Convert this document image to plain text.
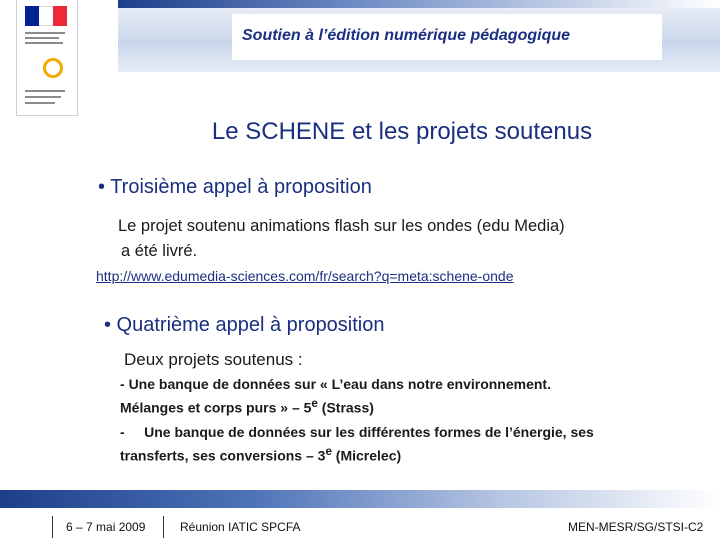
Soutien à l’édition numérique pédagogique
Le SCHENE et les projets soutenus
• Troisième appel à proposition
Le projet soutenu animations flash sur les ondes (edu Media)
a été livré.
http://www.edumedia-sciences.com/fr/search?q=meta:schene-onde
• Quatrième appel à proposition
Deux projets soutenus :

- Une banque de données sur « L’eau dans notre environnement.
Mélanges et corps purs » – 5e (Strass)

-     Une banque de données sur les différentes formes de l’énergie, ses
transferts, ses conversions – 3e (Micrelec)

6 – 7 mai 2009	Réunion IATIC SPCFA	MEN-MESR/SG/STSI-C2
